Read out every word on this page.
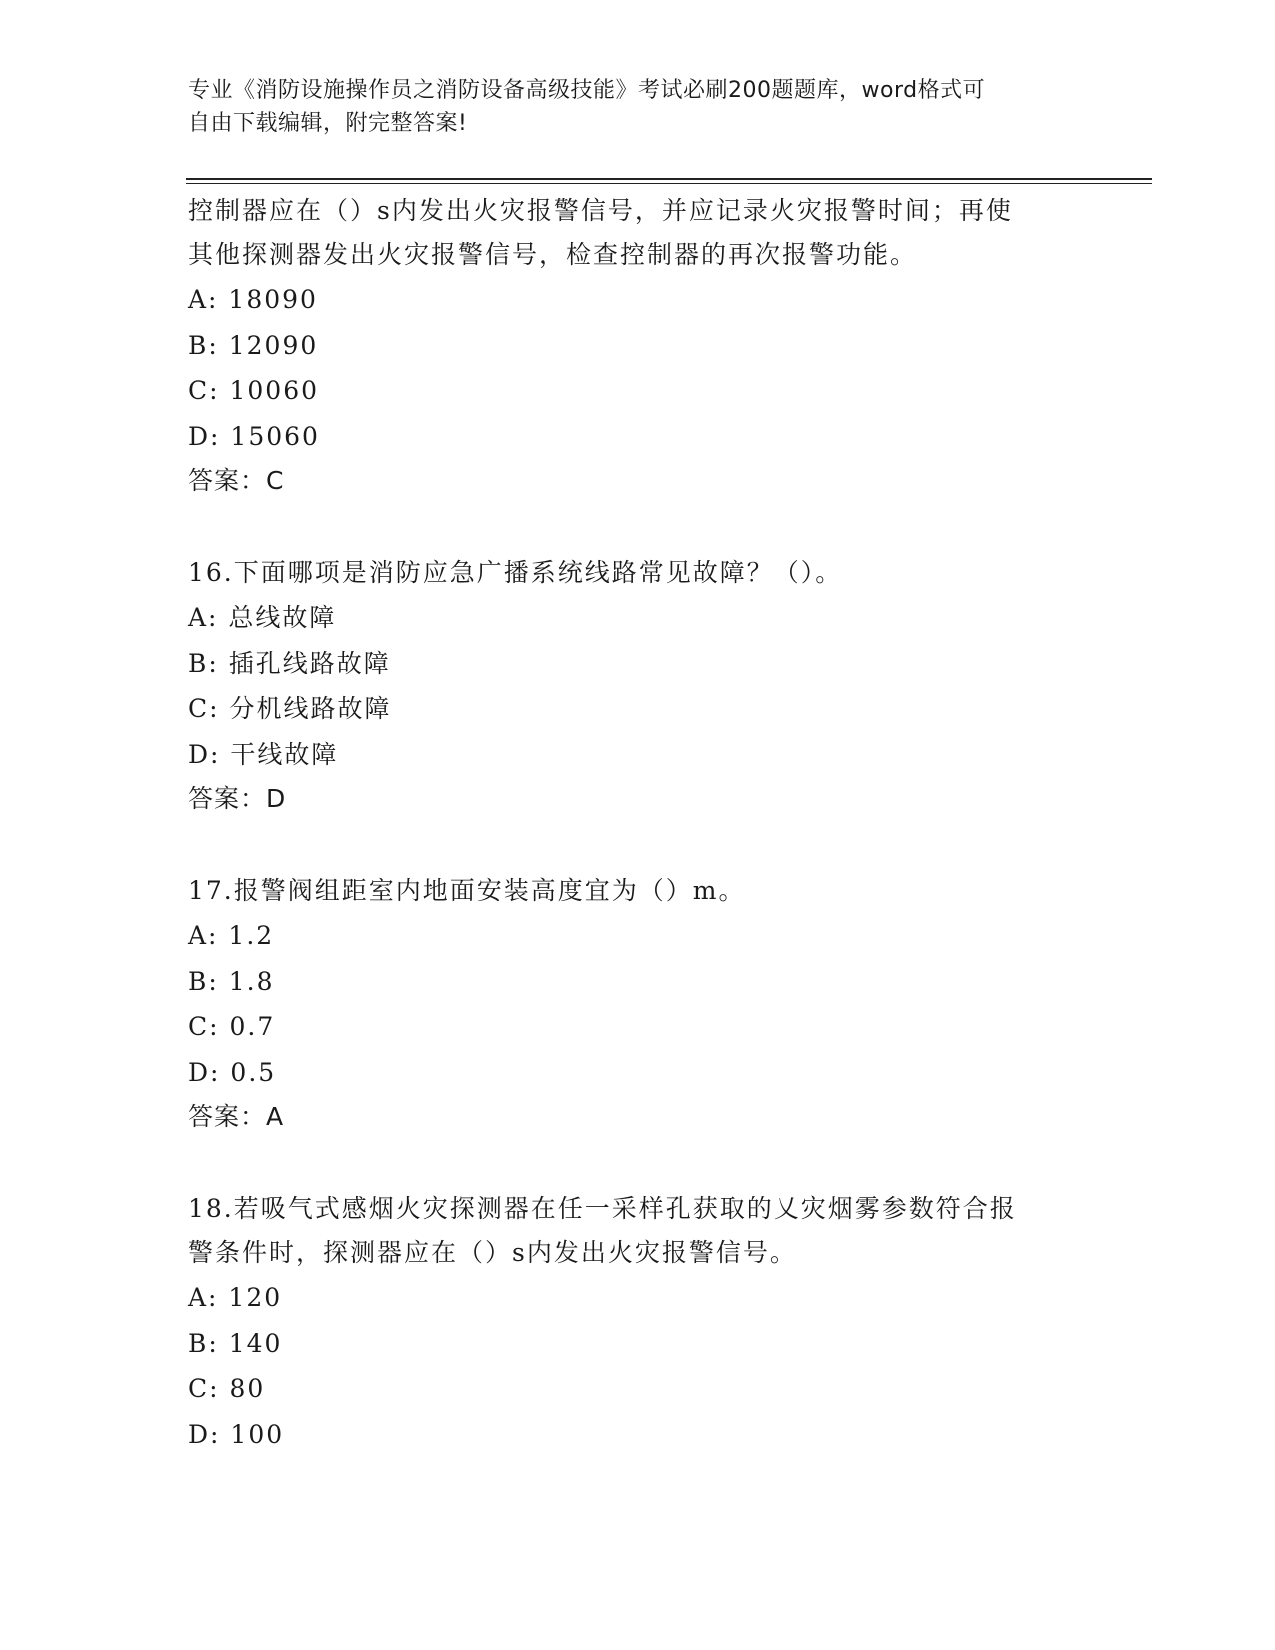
专业《消防设施操作员之消防设备高级技能》考试必刷200题题库，word格式可
自由下载编辑，附完整答案!

控制器应在（）s内发出火灾报警信号，并应记录火灾报警时间；再使

其他探测器发出火灾报警信号，检查控制器的再次报警功能。

A: 18090

B: 12090

C: 10060

D: 15060

答案：C

16.下面哪项是消防应急广播系统线路常见故障？（）。

A: 总线故障

B: 插孔线路故障

C: 分机线路故障

D: 干线故障

答案：D

17.报警阀组距室内地面安装高度宜为（）m。

A: 1.2

B: 1.8

C: 0.7

D: 0.5

答案：A

18.若吸气式感烟火灾探测器在任一采样孔获取的乂灾烟雾参数符合报

警条件时，探测器应在（）s内发出火灾报警信号。

A: 120

B: 140

C: 80

D: 100
